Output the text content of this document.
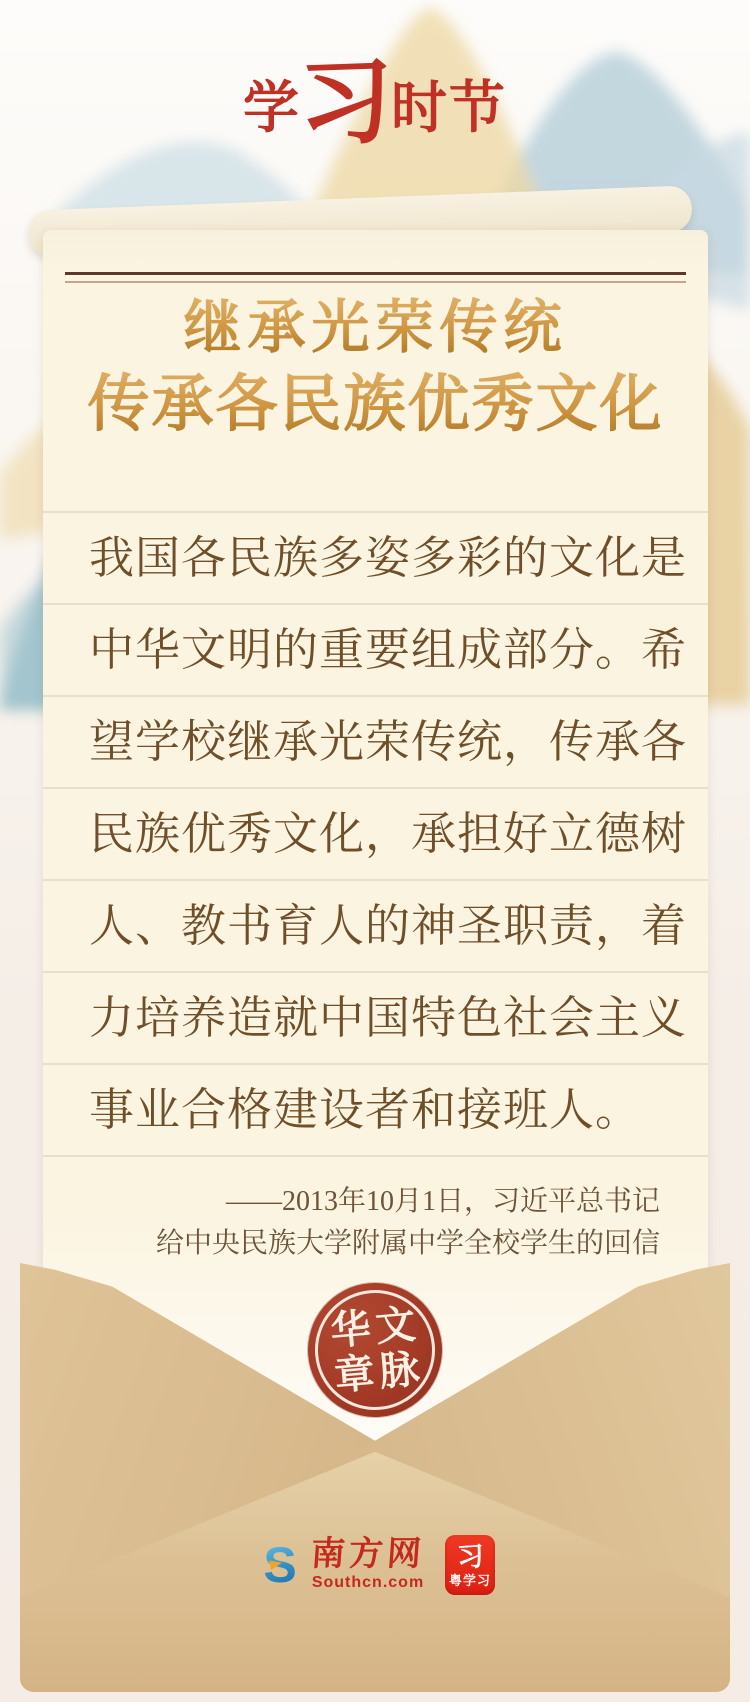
学
习
时 节
继承光荣传统
传承各民族优秀文化
我国各民族多姿多彩的文化是
中华文明的重要组成部分。希
望学校继承光荣传统，传承各
民族优秀文化，承担好立德树
人、教书育人的神圣职责，着
力培养造就中国特色社会主义
事业合格建设者和接班人。
——2013年10月1日，习近平总书记
给中央民族大学附属中学全校学生的回信
华 文
章 脉
S 南方网
Southcn.com
习
粤学习
